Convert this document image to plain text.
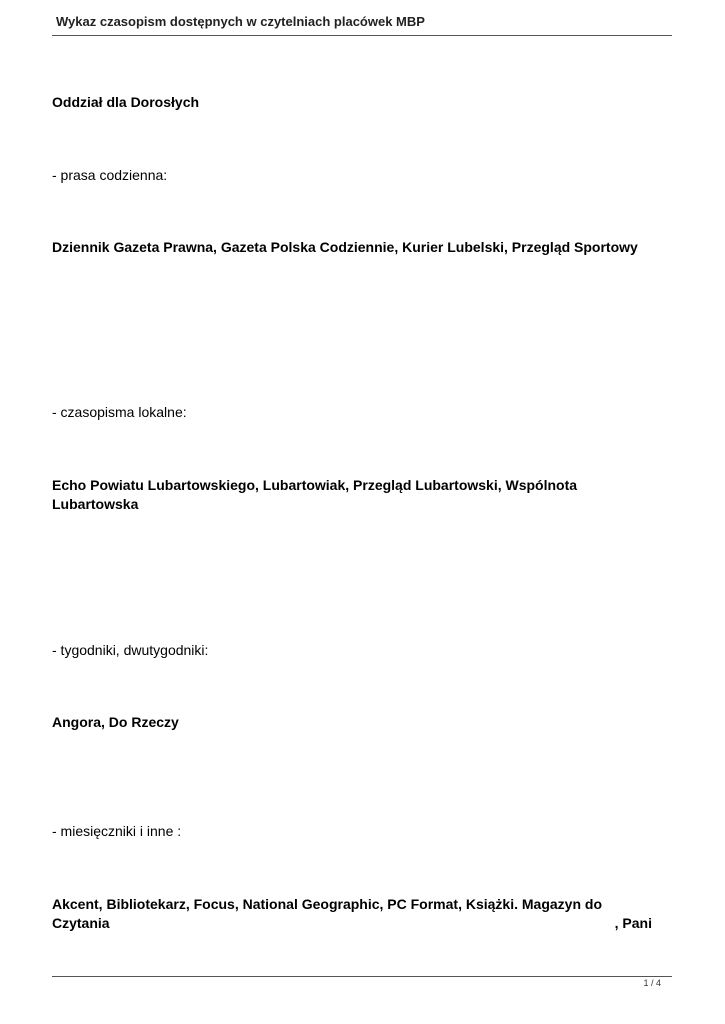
Wykaz czasopism dostępnych w czytelniach placówek MBP
Oddział dla Dorosłych
- prasa codzienna:
Dziennik Gazeta Prawna, Gazeta Polska Codziennie, Kurier Lubelski, Przegląd Sportowy
- czasopisma lokalne:
Echo Powiatu Lubartowskiego, Lubartowiak, Przegląd Lubartowski, Wspólnota Lubartowska
- tygodniki, dwutygodniki:
Angora, Do Rzeczy
- miesięczniki i inne :
Akcent, Bibliotekarz, Focus, National Geographic, PC Format, Książki. Magazyn do
Czytania	, Pani
1 / 4
